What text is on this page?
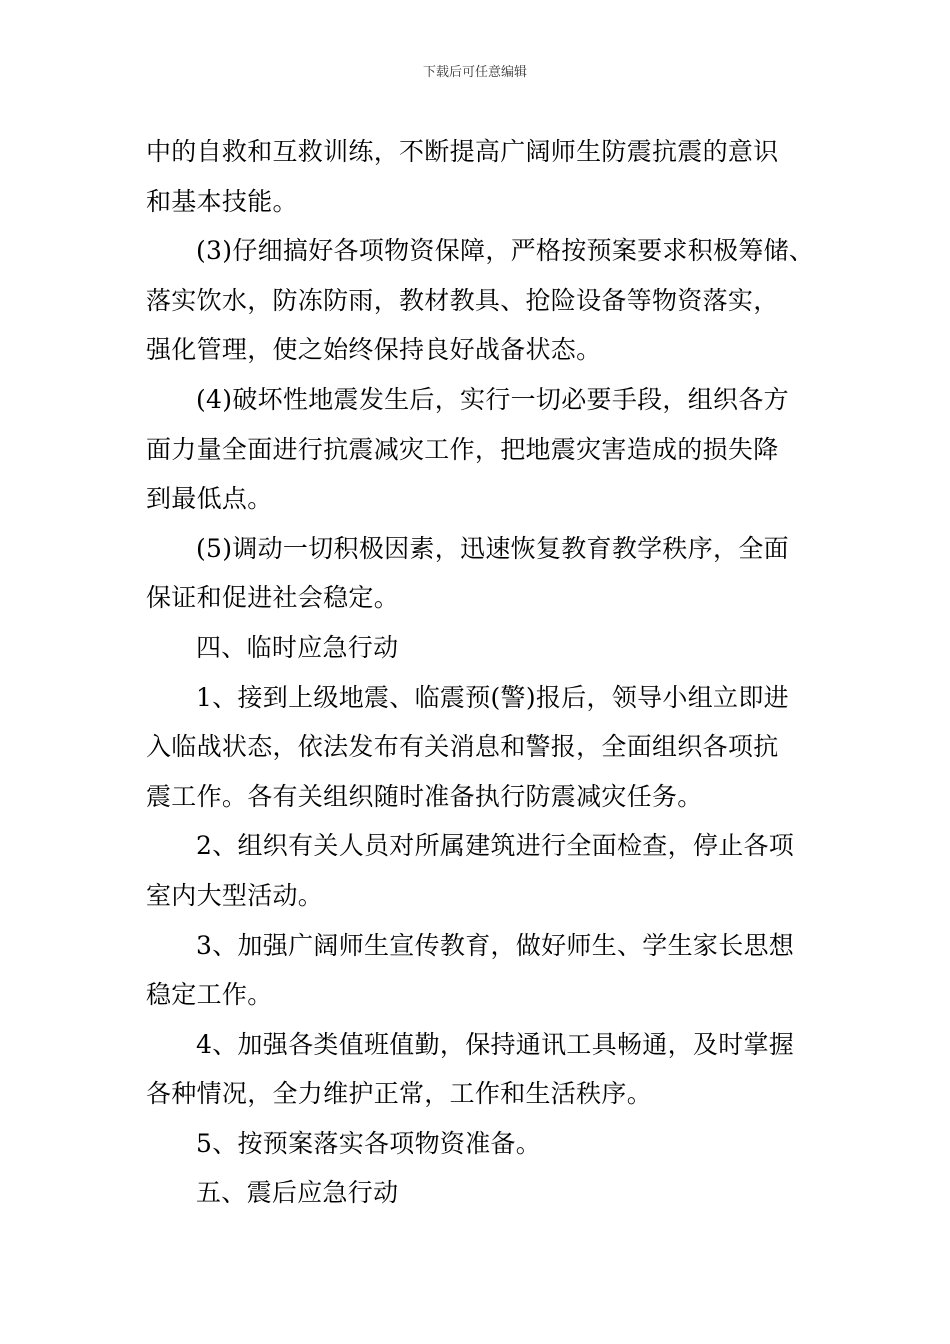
下载后可任意编辑

中的自救和互救训练，不断提高广阔师生防震抗震的意识

和基本技能。

(3)仔细搞好各项物资保障，严格按预案要求积极筹储、

落实饮水，防冻防雨，教材教具、抢险设备等物资落实，

强化管理，使之始终保持良好战备状态。

(4)破坏性地震发生后，实行一切必要手段，组织各方

面力量全面进行抗震减灾工作，把地震灾害造成的损失降

到最低点。

(5)调动一切积极因素，迅速恢复教育教学秩序，全面

保证和促进社会稳定。

四、临时应急行动

1、接到上级地震、临震预(警)报后，领导小组立即进

入临战状态，依法发布有关消息和警报，全面组织各项抗

震工作。各有关组织随时准备执行防震减灾任务。

2、组织有关人员对所属建筑进行全面检查，停止各项

室内大型活动。

3、加强广阔师生宣传教育，做好师生、学生家长思想

稳定工作。

4、加强各类值班值勤，保持通讯工具畅通，及时掌握

各种情况，全力维护正常，工作和生活秩序。

5、按预案落实各项物资准备。

五、震后应急行动
